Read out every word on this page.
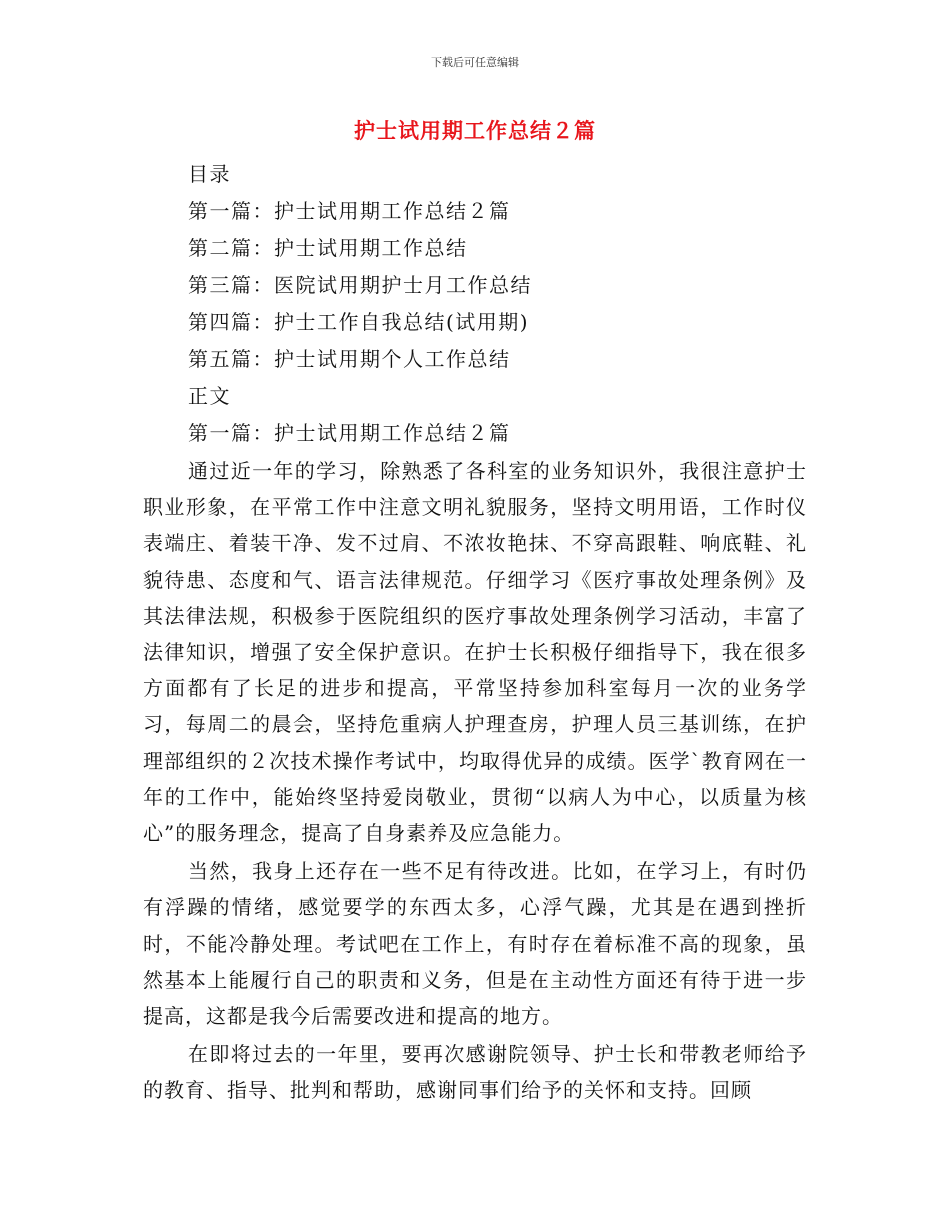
下载后可任意编辑
护士试用期工作总结２篇
目录
第一篇：护士试用期工作总结２篇
第二篇：护士试用期工作总结
第三篇：医院试用期护士月工作总结
第四篇：护士工作自我总结(试用期)
第五篇：护士试用期个人工作总结
正文
第一篇：护士试用期工作总结２篇

通过近一年的学习，除熟悉了各科室的业务知识外，我很注意护士职业形象，在平常工作中注意文明礼貌服务，坚持文明用语，工作时仪表端庄、着装干净、发不过肩、不浓妆艳抹、不穿高跟鞋、响底鞋、礼貌待患、态度和气、语言法律规范。仔细学习《医疗事故处理条例》及其法律法规，积极参于医院组织的医疗事故处理条例学习活动，丰富了法律知识，增强了安全保护意识。在护士长积极仔细指导下，我在很多方面都有了长足的进步和提高，平常坚持参加科室每月一次的业务学习，每周二的晨会，坚持危重病人护理查房，护理人员三基训练，在护理部组织的２次技术操作考试中，均取得优异的成绩。医学`教育网在一年的工作中，能始终坚持爱岗敬业，贯彻“以病人为中心，以质量为核心”的服务理念，提高了自身素养及应急能力。

当然，我身上还存在一些不足有待改进。比如，在学习上，有时仍有浮躁的情绪，感觉要学的东西太多，心浮气躁，尤其是在遇到挫折时，不能冷静处理。考试吧在工作上，有时存在着标准不高的现象，虽然基本上能履行自己的职责和义务，但是在主动性方面还有待于进一步提高，这都是我今后需要改进和提高的地方。

在即将过去的一年里，要再次感谢院领导、护士长和带教老师给予的教育、指导、批判和帮助，感谢同事们给予的关怀和支持。回顾
